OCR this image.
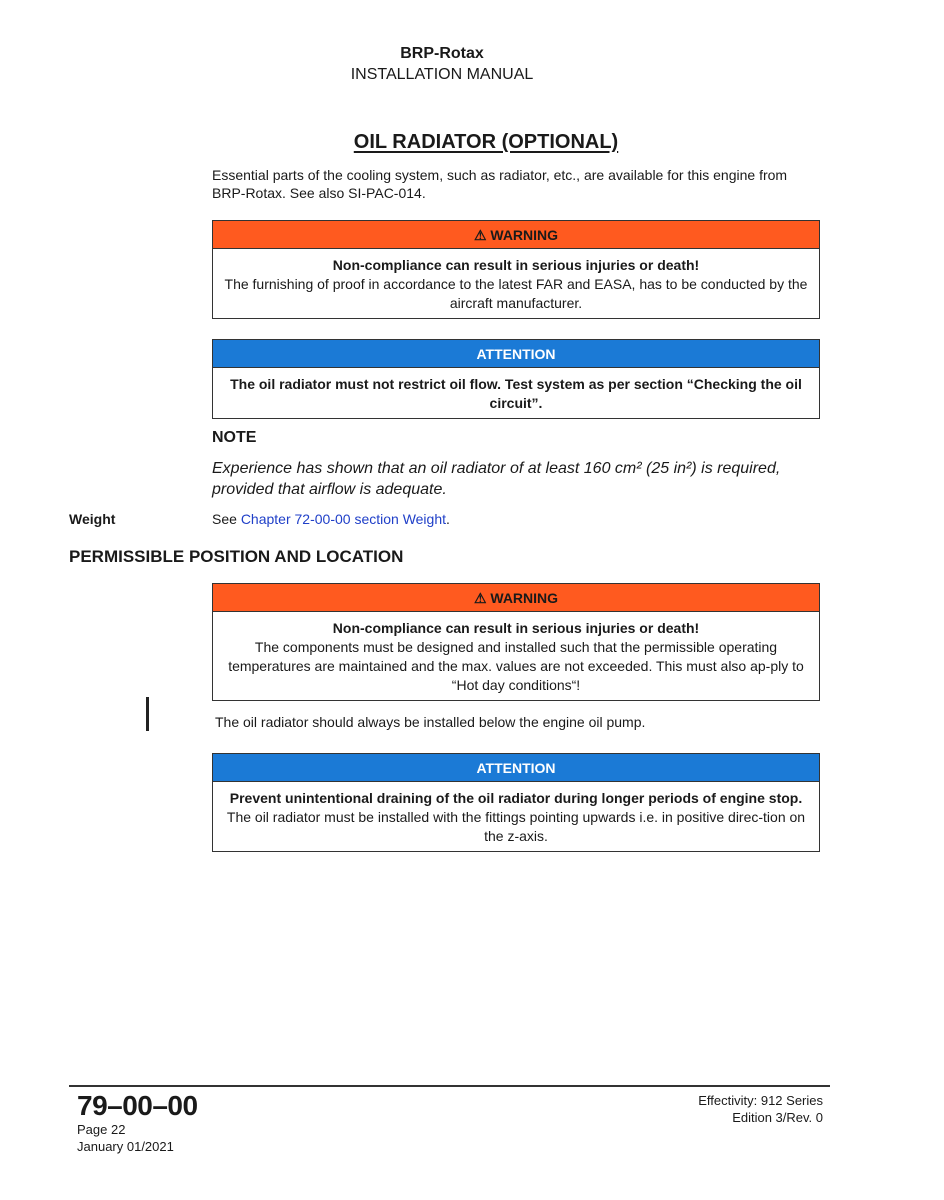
BRP-Rotax
INSTALLATION MANUAL
OIL RADIATOR (OPTIONAL)
Essential parts of the cooling system, such as radiator, etc., are available for this engine from BRP-Rotax. See also SI-PAC-014.
⚠ WARNING
Non-compliance can result in serious injuries or death!
The furnishing of proof in accordance to the latest FAR and EASA, has to be conducted by the aircraft manufacturer.
ATTENTION
The oil radiator must not restrict oil flow. Test system as per section “Checking the oil circuit”.
NOTE
Experience has shown that an oil radiator of at least 160 cm² (25 in²) is required, provided that airflow is adequate.
Weight	See Chapter 72-00-00 section Weight.
PERMISSIBLE POSITION AND LOCATION
⚠ WARNING
Non-compliance can result in serious injuries or death!
The components must be designed and installed such that the permissible operating temperatures are maintained and the max. values are not exceeded. This must also ap-ply to “Hot day conditions“!
The oil radiator should always be installed below the engine oil pump.
ATTENTION
Prevent unintentional draining of the oil radiator during longer periods of engine stop.
The oil radiator must be installed with the fittings pointing upwards i.e. in positive direc-tion on the z-axis.
79–00–00
Page 22
January 01/2021
Effectivity: 912 Series
Edition 3/Rev. 0
